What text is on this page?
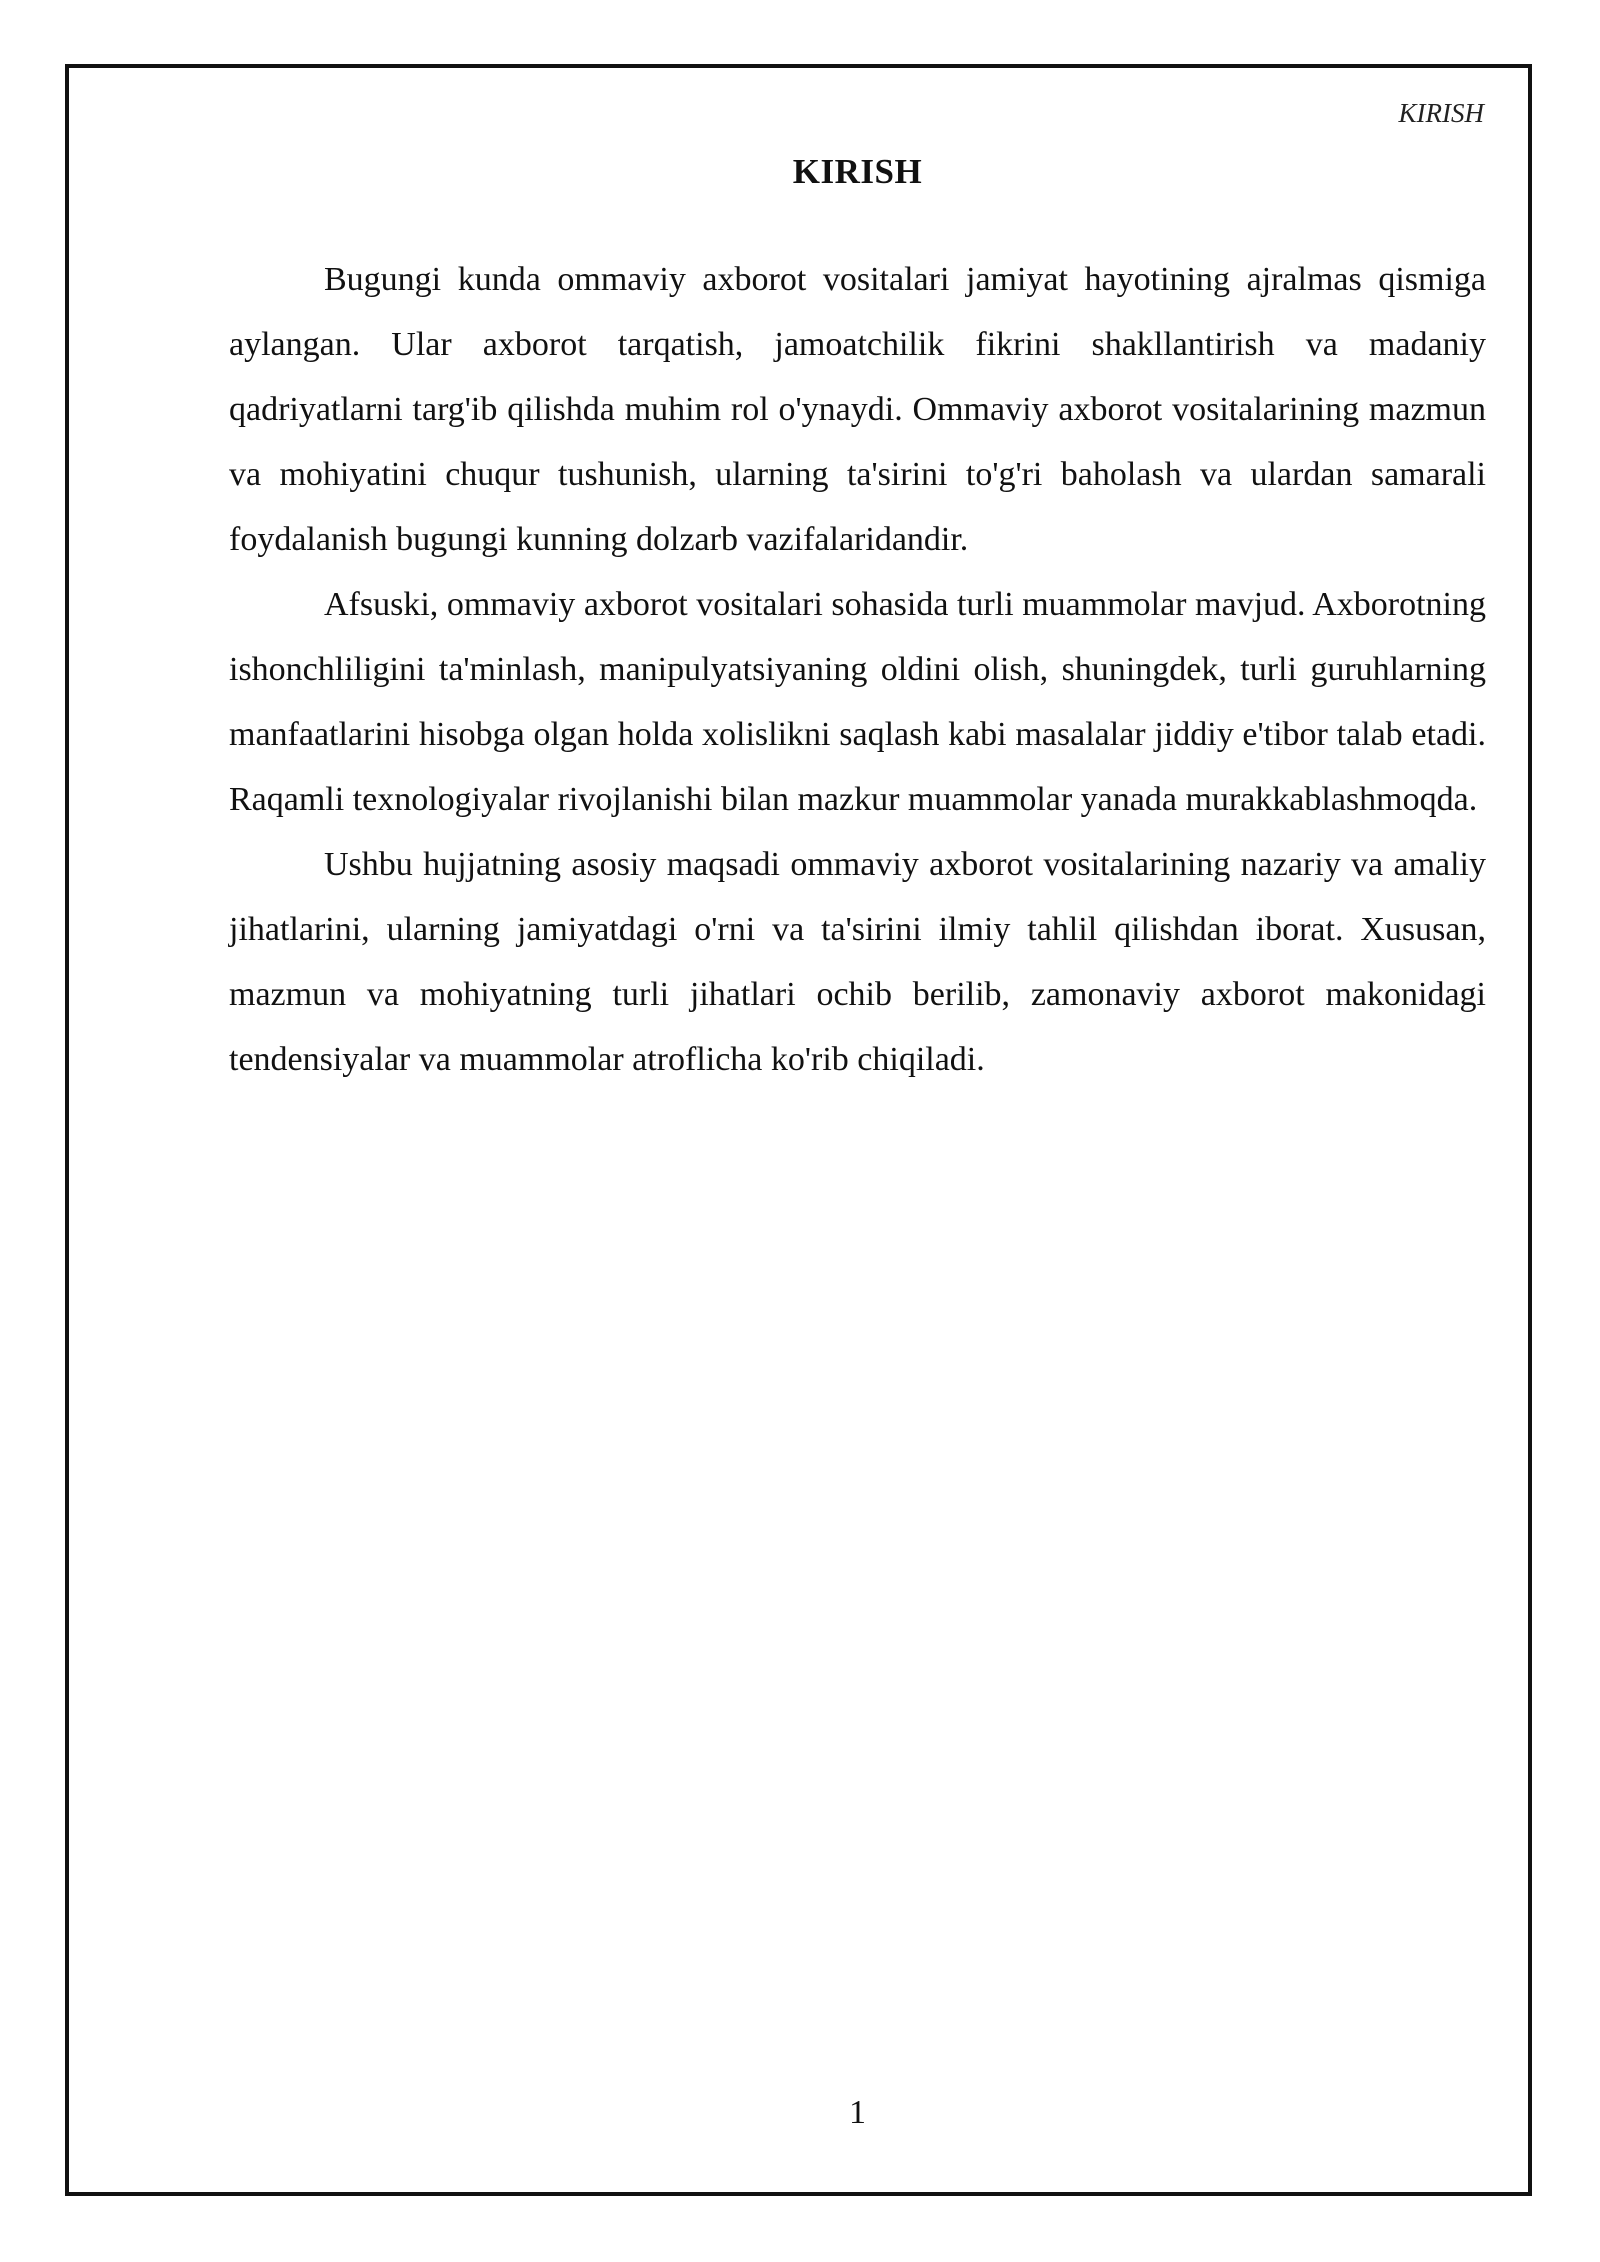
KIRISH
KIRISH

Bugungi kunda ommaviy axborot vositalari jamiyat hayotining ajralmas qismiga aylangan. Ular axborot tarqatish, jamoatchilik fikrini shakllantirish va madaniy qadriyatlarni targ'ib qilishda muhim rol o'ynaydi. Ommaviy axborot vositalarining mazmun va mohiyatini chuqur tushunish, ularning ta'sirini to'g'ri baholash va ulardan samarali foydalanish bugungi kunning dolzarb vazifalaridandir.

Afsuski, ommaviy axborot vositalari sohasida turli muammolar mavjud. Axborotning ishonchliligini ta'minlash, manipulyatsiyaning oldini olish, shuningdek, turli guruhlarning manfaatlarini hisobga olgan holda xolislikni saqlash kabi masalalar jiddiy e'tibor talab etadi. Raqamli texnologiyalar rivojlanishi bilan mazkur muammolar yanada murakkablashmoqda.

Ushbu hujjatning asosiy maqsadi ommaviy axborot vositalarining nazariy va amaliy jihatlarini, ularning jamiyatdagi o'rni va ta'sirini ilmiy tahlil qilishdan iborat. Xususan, mazmun va mohiyatning turli jihatlari ochib berilib, zamonaviy axborot makonidagi tendensiyalar va muammolar atroflicha ko'rib chiqiladi.

1
